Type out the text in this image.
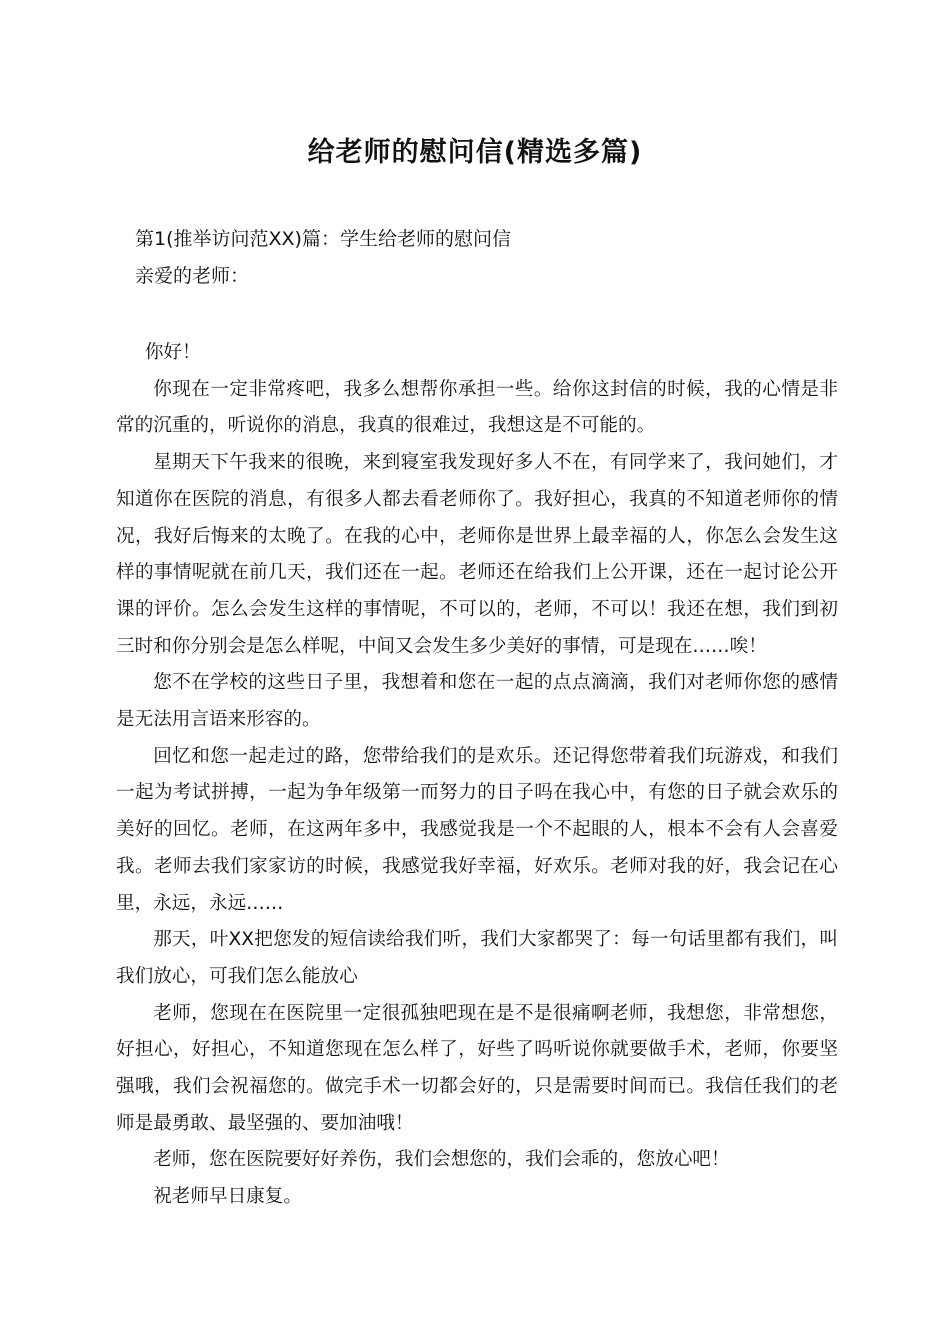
给老师的慰问信(精选多篇)
第1(推举访问范XX)篇：学生给老师的慰问信
亲爱的老师：

你好！

你现在一定非常疼吧，我多么想帮你承担一些。给你这封信的时候，我的心情是非常的沉重的，听说你的消息，我真的很难过，我想这是不可能的。

星期天下午我来的很晚，来到寝室我发现好多人不在，有同学来了，我问她们，才知道你在医院的消息，有很多人都去看老师你了。我好担心，我真的不知道老师你的情况，我好后悔来的太晚了。在我的心中，老师你是世界上最幸福的人，你怎么会发生这样的事情呢就在前几天，我们还在一起。老师还在给我们上公开课，还在一起讨论公开课的评价。怎么会发生这样的事情呢，不可以的，老师，不可以！我还在想，我们到初三时和你分别会是怎么样呢，中间又会发生多少美好的事情，可是现在……唉！

您不在学校的这些日子里，我想着和您在一起的点点滴滴，我们对老师你您的感情是无法用言语来形容的。

回忆和您一起走过的路，您带给我们的是欢乐。还记得您带着我们玩游戏，和我们一起为考试拼搏，一起为争年级第一而努力的日子吗在我心中，有您的日子就会欢乐的美好的回忆。老师，在这两年多中，我感觉我是一个不起眼的人，根本不会有人会喜爱我。老师去我们家家访的时候，我感觉我好幸福，好欢乐。老师对我的好，我会记在心里，永远，永远……

那天，叶XX把您发的短信读给我们听，我们大家都哭了：每一句话里都有我们，叫我们放心，可我们怎么能放心

老师，您现在在医院里一定很孤独吧现在是不是很痛啊老师，我想您，非常想您，好担心，好担心，不知道您现在怎么样了，好些了吗听说你就要做手术，老师，你要坚强哦，我们会祝福您的。做完手术一切都会好的，只是需要时间而已。我信任我们的老师是最勇敢、最坚强的、要加油哦！

老师，您在医院要好好养伤，我们会想您的，我们会乖的，您放心吧！

祝老师早日康复。
